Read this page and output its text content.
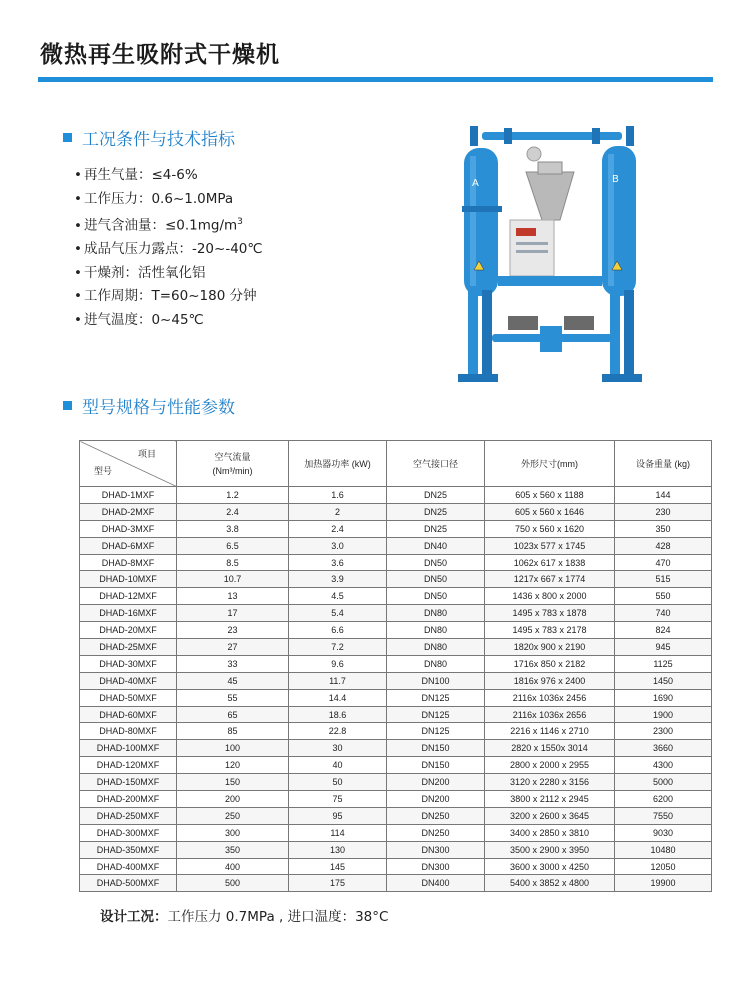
微热再生吸附式干燥机
工况条件与技术指标
• 再生气量：≤4-6%
• 工作压力：0.6~1.0MPa
• 进气含油量：$\le 0.1mg/m^3$
• 成品气压力露点：-20~-40℃
• 干燥剂：活性氧化铝
• 工作周期：T=60~180 分钟
• 进气温度：0~45℃
A	B
型号规格与性能参数
项目
型号	空气流量
(Nm³/min)	加热器功率 (kW)	空气接口径	外形尺寸(mm)	设备重量 (kg)
DHAD-1MXF	1.2	1.6	DN25	605 x 560 x 1188	144
DHAD-2MXF	2.4	2	DN25	605 x 560 x 1646	230
DHAD-3MXF	3.8	2.4	DN25	750 x 560 x 1620	350
DHAD-6MXF	6.5	3.0	DN40	1023x 577 x 1745	428
DHAD-8MXF	8.5	3.6	DN50	1062x 617 x 1838	470
DHAD-10MXF	10.7	3.9	DN50	1217x 667 x 1774	515
DHAD-12MXF	13	4.5	DN50	1436 x 800 x 2000	550
DHAD-16MXF	17	5.4	DN80	1495 x 783 x 1878	740
DHAD-20MXF	23	6.6	DN80	1495 x 783 x 2178	824
DHAD-25MXF	27	7.2	DN80	1820x 900 x 2190	945
DHAD-30MXF	33	9.6	DN80	1716x 850 x 2182	1125
DHAD-40MXF	45	11.7	DN100	1816x 976 x 2400	1450
DHAD-50MXF	55	14.4	DN125	2116x 1036x 2456	1690
DHAD-60MXF	65	18.6	DN125	2116x 1036x 2656	1900
DHAD-80MXF	85	22.8	DN125	2216 x 1146 x 2710	2300
DHAD-100MXF	100	30	DN150	2820 x 1550x 3014	3660
DHAD-120MXF	120	40	DN150	2800 x 2000 x 2955	4300
DHAD-150MXF	150	50	DN200	3120 x 2280 x 3156	5000
DHAD-200MXF	200	75	DN200	3800 x 2112 x 2945	6200
DHAD-250MXF	250	95	DN250	3200 x 2600 x 3645	7550
DHAD-300MXF	300	114	DN250	3400 x 2850 x 3810	9030
DHAD-350MXF	350	130	DN300	3500 x 2900 x 3950	10480
DHAD-400MXF	400	145	DN300	3600 x 3000 x 4250	12050
DHAD-500MXF	500	175	DN400	5400 x 3852 x 4800	19900
设计工况：工作压力 0.7MPa , 进口温度：38°C
